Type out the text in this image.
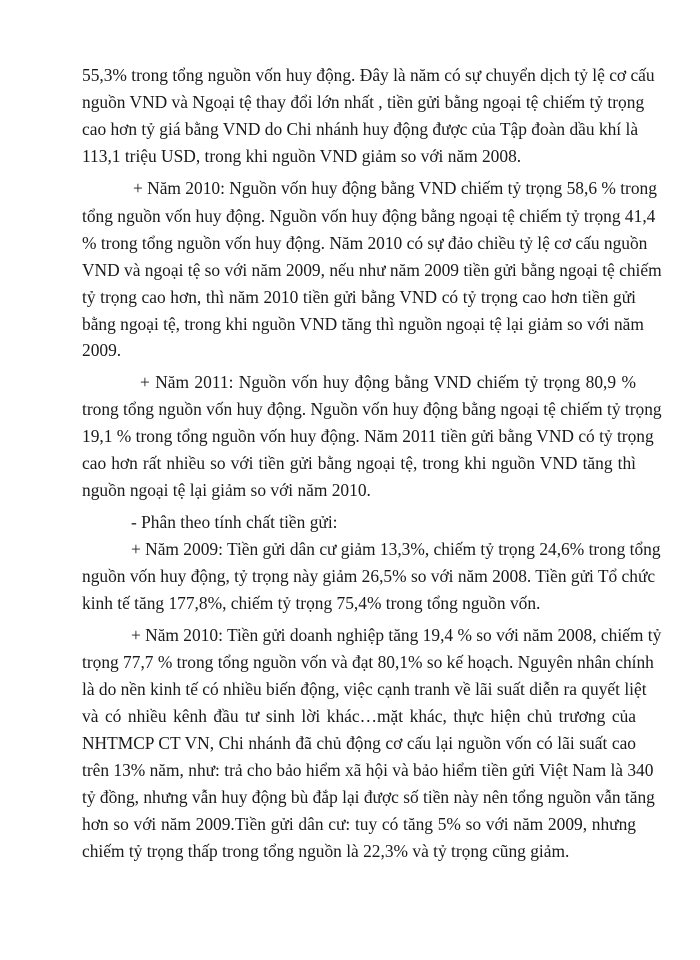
55,3% trong tổng nguồn vốn huy động. Đây là năm có sự chuyển dịch tỷ lệ cơ cấu
nguồn VND và Ngoại tệ thay đổi lớn nhất , tiền gửi bằng ngoại tệ chiếm tỷ trọng
cao hơn tỷ giá bằng VND do Chi nhánh huy động được của Tập đoàn dầu khí là
113,1 triệu USD, trong khi nguồn VND giảm so với năm 2008.
+ Năm 2010: Nguồn vốn huy động bằng VND chiếm tỷ trọng 58,6 % trong
tổng nguồn vốn huy động. Nguồn vốn huy động bằng ngoại tệ chiếm tỷ trọng 41,4
% trong tổng nguồn vốn huy động. Năm 2010 có sự đảo chiều tỷ lệ cơ cấu nguồn
VND và ngoại tệ so với năm 2009, nếu như năm 2009 tiền gửi bằng ngoại tệ chiếm
tỷ trọng cao hơn, thì năm 2010 tiền gửi bằng VND có tỷ trọng cao hơn tiền gửi
bằng ngoại tệ, trong khi nguồn VND tăng thì nguồn ngoại tệ lại giảm so với năm
2009.
+ Năm 2011: Nguồn vốn huy động bằng VND chiếm tỷ trọng 80,9 %
trong tổng nguồn vốn huy động. Nguồn vốn huy động bằng ngoại tệ chiếm tỷ trọng
19,1 % trong tổng nguồn vốn huy động. Năm 2011 tiền gửi bằng VND có tỷ trọng
cao hơn rất nhiều so với tiền gửi bằng ngoại tệ, trong khi nguồn VND tăng thì
nguồn ngoại tệ lại giảm so với năm 2010.
- Phân theo tính chất tiền gửi:
+ Năm 2009: Tiền gửi dân cư giảm 13,3%, chiếm tỷ trọng 24,6% trong tổng
nguồn vốn huy động, tỷ trọng này giảm 26,5% so với năm 2008. Tiền gửi Tổ chức
kinh tế tăng 177,8%, chiếm tỷ trọng 75,4% trong tổng nguồn vốn.
+ Năm 2010: Tiền gửi doanh nghiệp tăng 19,4 % so với năm 2008, chiếm tỷ
trọng 77,7 % trong tổng nguồn vốn và đạt 80,1% so kế hoạch. Nguyên nhân chính
là do nền kinh tế có nhiều biến động, việc cạnh tranh về lãi suất diễn ra quyết liệt
và có nhiều kênh đầu tư sinh lời khác…mặt khác, thực hiện chủ trương của
NHTMCP CT VN, Chi nhánh đã chủ động cơ cấu lại nguồn vốn có lãi suất cao
trên 13% năm, như: trả cho bảo hiểm xã hội và bảo hiểm tiền gửi Việt Nam là 340
tỷ đồng, nhưng vẫn huy động bù đắp lại được số tiền này nên tổng nguồn vẫn tăng
hơn so với năm 2009.Tiền gửi dân cư: tuy có tăng 5% so với năm 2009, nhưng
chiếm tỷ trọng thấp trong tổng nguồn là 22,3% và tỷ trọng cũng giảm.
